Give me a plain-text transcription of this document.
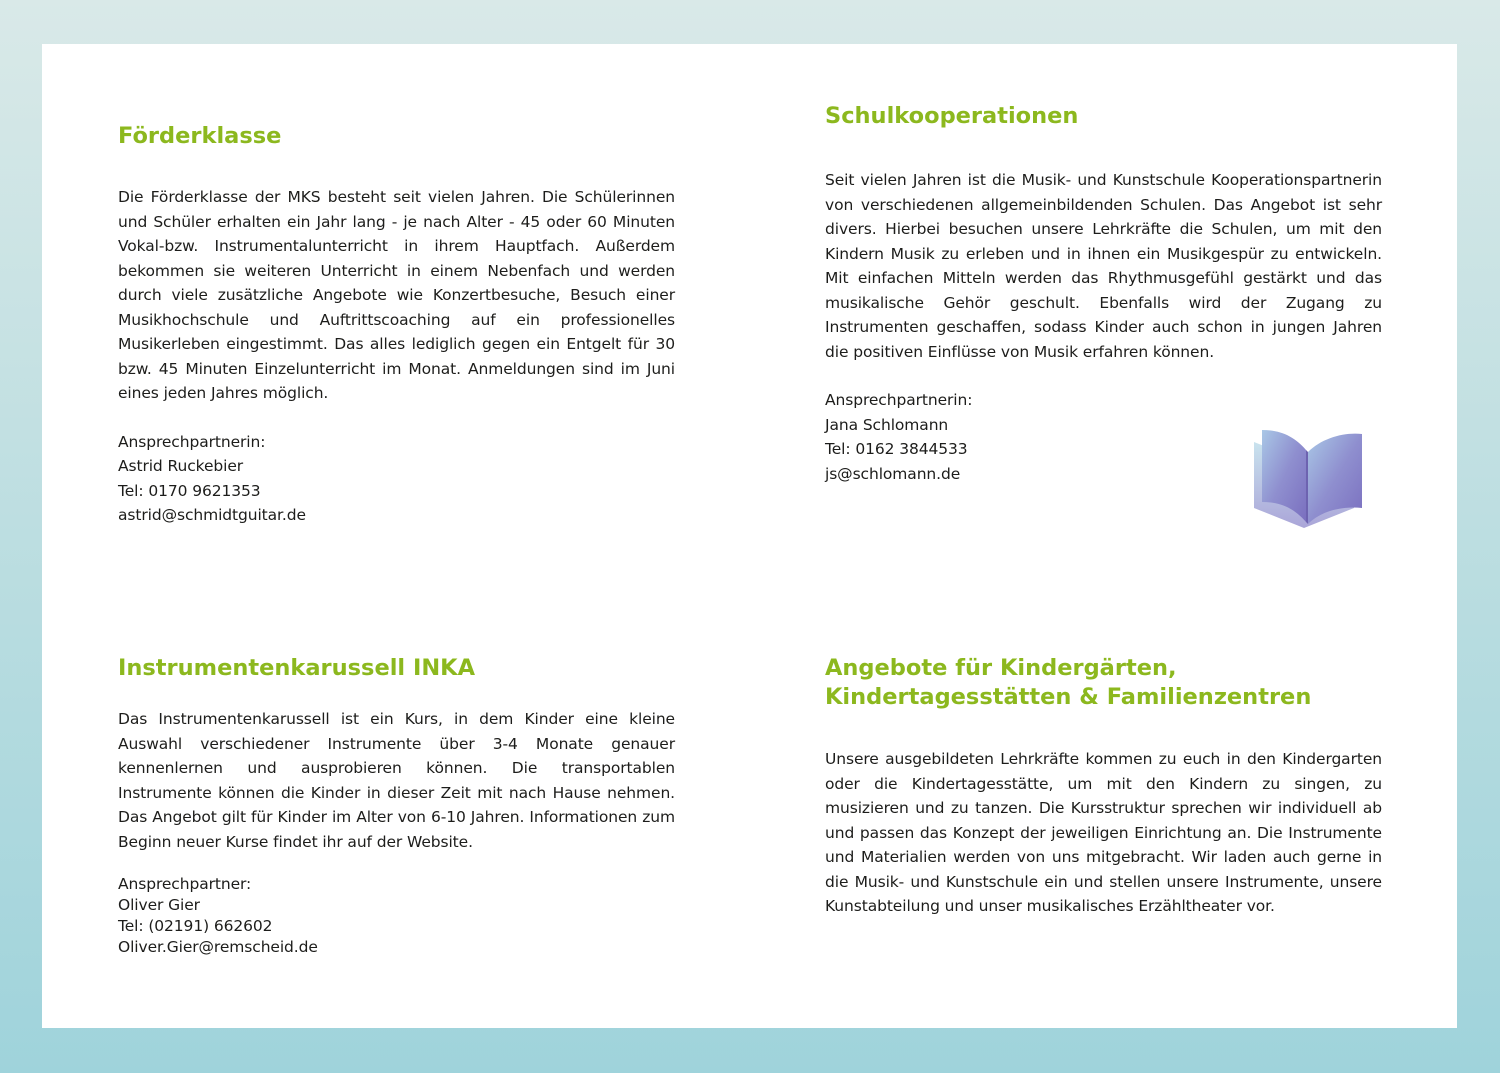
Förderklasse

Die Förderklasse der MKS besteht seit vielen Jahren. Die Schülerinnen und Schüler erhalten ein Jahr lang - je nach Alter - 45 oder 60 Minuten Vokal-bzw. Instrumentalunterricht in ihrem Hauptfach. Außerdem bekommen sie weiteren Unterricht in einem Nebenfach und werden durch viele zusätzliche Angebote wie Konzertbesuche, Besuch einer Musikhochschule und Auftrittscoaching auf ein professionelles Musikerleben eingestimmt. Das alles lediglich gegen ein Entgelt für 30 bzw. 45 Minuten Einzelunterricht im Monat. Anmeldungen sind im Juni eines jeden Jahres möglich.

Ansprechpartnerin:
Astrid Ruckebier
Tel: 0170 9621353
astrid@schmidtguitar.de
Schulkooperationen

Seit vielen Jahren ist die Musik- und Kunstschule Kooperationspartnerin von verschiedenen allgemeinbildenden Schulen. Das Angebot ist sehr divers. Hierbei besuchen unsere Lehrkräfte die Schulen, um mit den Kindern Musik zu erleben und in ihnen ein Musikgespür zu entwickeln. Mit einfachen Mitteln werden das Rhythmusgefühl gestärkt und das musikalische Gehör geschult. Ebenfalls wird der Zugang zu Instrumenten geschaffen, sodass Kinder auch schon in jungen Jahren die positiven Einflüsse von Musik erfahren können.

Ansprechpartnerin:
Jana Schlomann
Tel: 0162 3844533
js@schlomann.de
Instrumentenkarussell INKA

Das Instrumentenkarussell ist ein Kurs, in dem Kinder eine kleine Auswahl verschiedener Instrumente über 3-4 Monate genauer kennenlernen und ausprobieren können. Die transportablen Instrumente können die Kinder in dieser Zeit mit nach Hause nehmen. Das Angebot gilt für Kinder im Alter von 6-10 Jahren. Informationen zum Beginn neuer Kurse findet ihr auf der Website.

Ansprechpartner:
Oliver Gier
Tel: (02191) 662602
Oliver.Gier@remscheid.de
Angebote für Kindergärten, Kindertagesstätten & Familienzentren

Unsere ausgebildeten Lehrkräfte kommen zu euch in den Kindergarten oder die Kindertagesstätte, um mit den Kindern zu singen, zu musizieren und zu tanzen. Die Kursstruktur sprechen wir individuell ab und passen das Konzept der jeweiligen Einrichtung an. Die Instrumente und Materialien werden von uns mitgebracht. Wir laden auch gerne in die Musik- und Kunstschule ein und stellen unsere Instrumente, unsere Kunstabteilung und unser musikalisches Erzähltheater vor.
